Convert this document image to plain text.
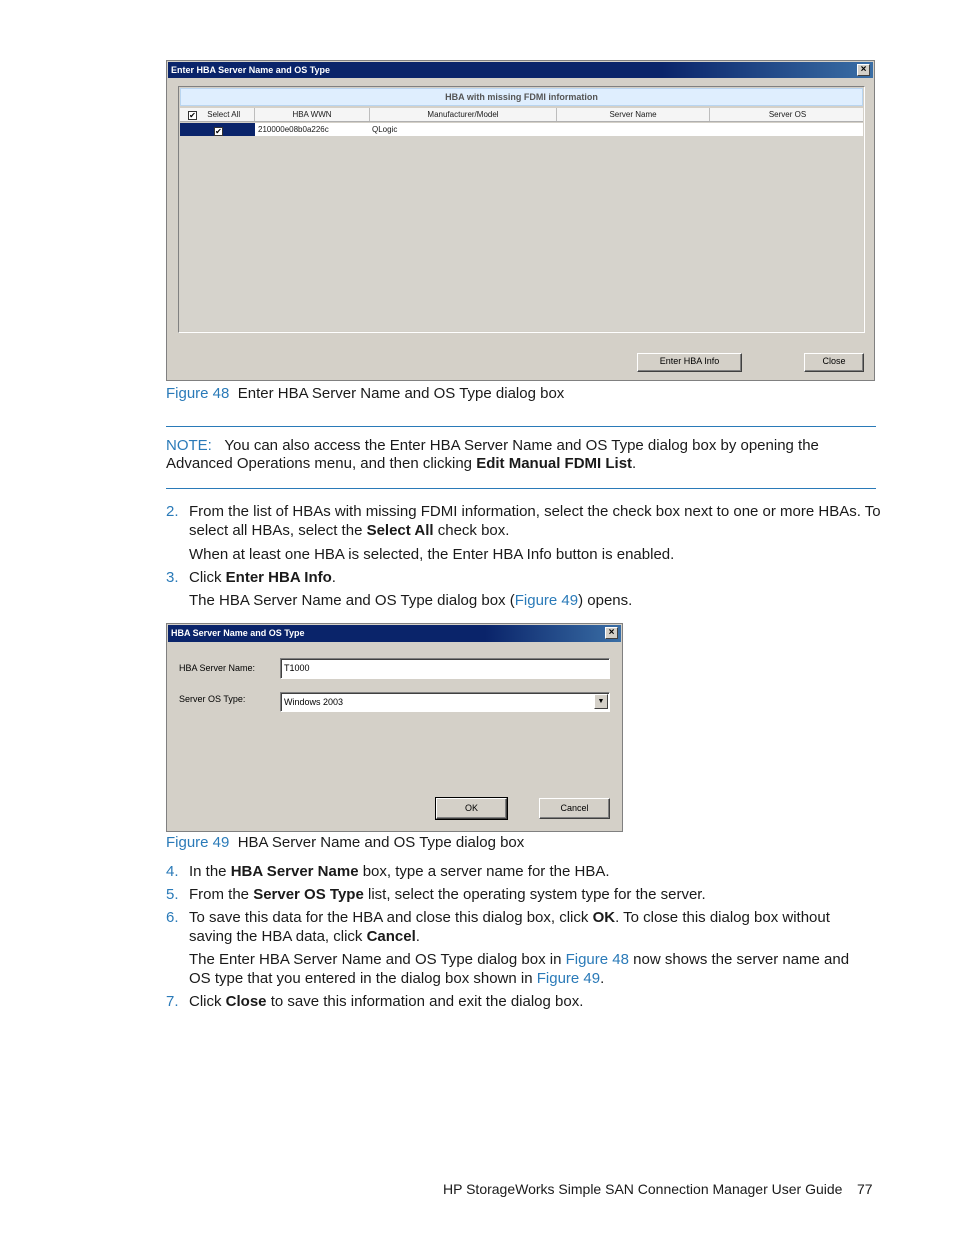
Enter HBA Server Name and OS Type	×
HBA with missing FDMI information
✔ Select All	HBA WWN	Manufacturer/Model	Server Name	Server OS
✔	210000e08b0a226c	QLogic
Enter HBA Info	Close
Figure 48 Enter HBA Server Name and OS Type dialog box
NOTE: You can also access the Enter HBA Server Name and OS Type dialog box by opening the
Advanced Operations menu, and then clicking Edit Manual FDMI List.
2. From the list of HBAs with missing FDMI information, select the check box next to one or more HBAs. To
select all HBAs, select the Select All check box.
When at least one HBA is selected, the Enter HBA Info button is enabled.
3. Click Enter HBA Info.
The HBA Server Name and OS Type dialog box (Figure 49) opens.
HBA Server Name and OS Type	×
HBA Server Name:	T1000
Server OS Type:	Windows 2003	▼
OK	Cancel
Figure 49 HBA Server Name and OS Type dialog box
4. In the HBA Server Name box, type a server name for the HBA.
5. From the Server OS Type list, select the operating system type for the server.
6. To save this data for the HBA and close this dialog box, click OK. To close this dialog box without
saving the HBA data, click Cancel.
The Enter HBA Server Name and OS Type dialog box in Figure 48 now shows the server name and
OS type that you entered in the dialog box shown in Figure 49.
7. Click Close to save this information and exit the dialog box.
HP StorageWorks Simple SAN Connection Manager User Guide 77
